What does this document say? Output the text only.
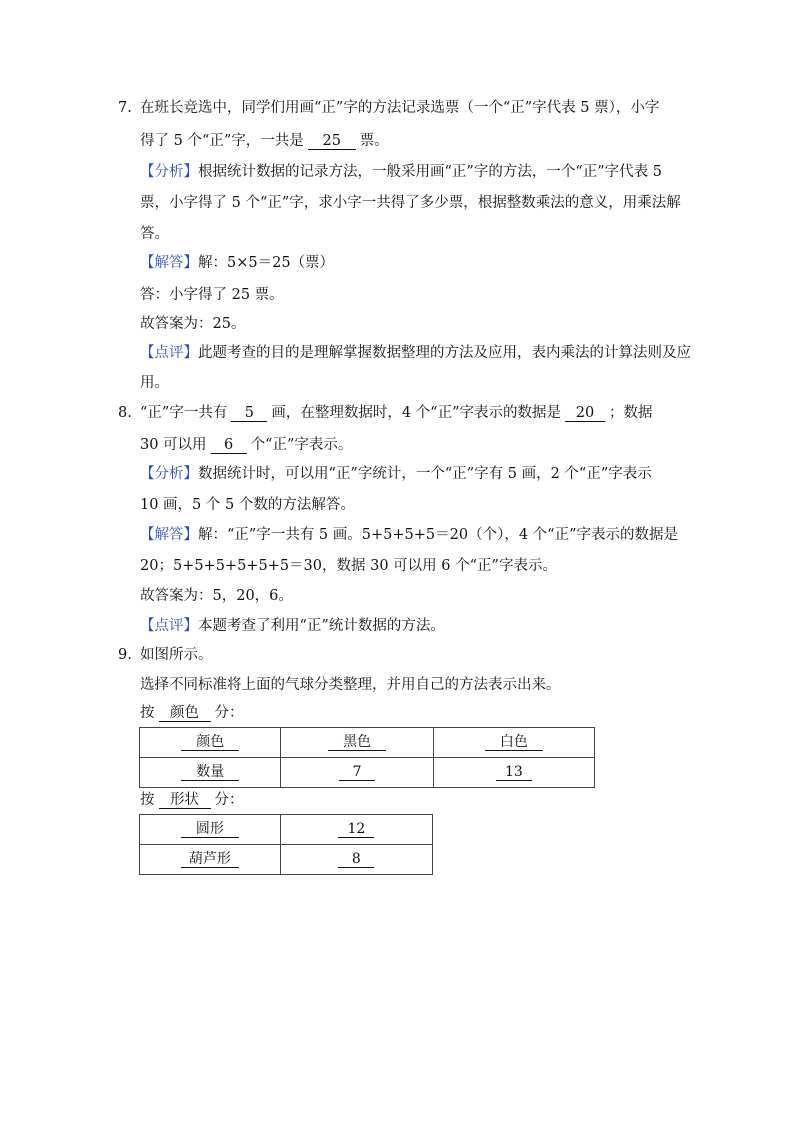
7. 在班长竞选中，同学们用画“正”字的方法记录选票（一个“正”字代表 5 票），小字
得了 5 个“正”字，一共是 25 票。
【分析】根据统计数据的记录方法，一般采用画“正”字的方法，一个“正”字代表 5
票，小字得了 5 个“正”字，求小字一共得了多少票，根据整数乘法的意义，用乘法解
答。
【解答】解：5×5＝25（票）
答：小字得了 25 票。
故答案为：25。
【点评】此题考查的目的是理解掌握数据整理的方法及应用，表内乘法的计算法则及应
用。
8. “正”字一共有 5 画，在整理数据时，4 个“正”字表示的数据是 20 ；数据
30 可以用 6 个“正”字表示。
【分析】数据统计时，可以用“正”字统计，一个“正”字有 5 画，2 个“正”字表示
10 画，5 个 5 个数的方法解答。
【解答】解：“正”字一共有 5 画。5+5+5+5＝20（个），4 个“正”字表示的数据是
20；5+5+5+5+5+5＝30，数据 30 可以用 6 个“正”字表示。
故答案为：5，20，6。
【点评】本题考查了利用“正”统计数据的方法。
9. 如图所示。
选择不同标准将上面的气球分类整理，并用自己的方法表示出来。
按 颜色 分：
颜色	黑色	白色
数量	7	13
按 形状 分：
圆形	12
葫芦形	8
